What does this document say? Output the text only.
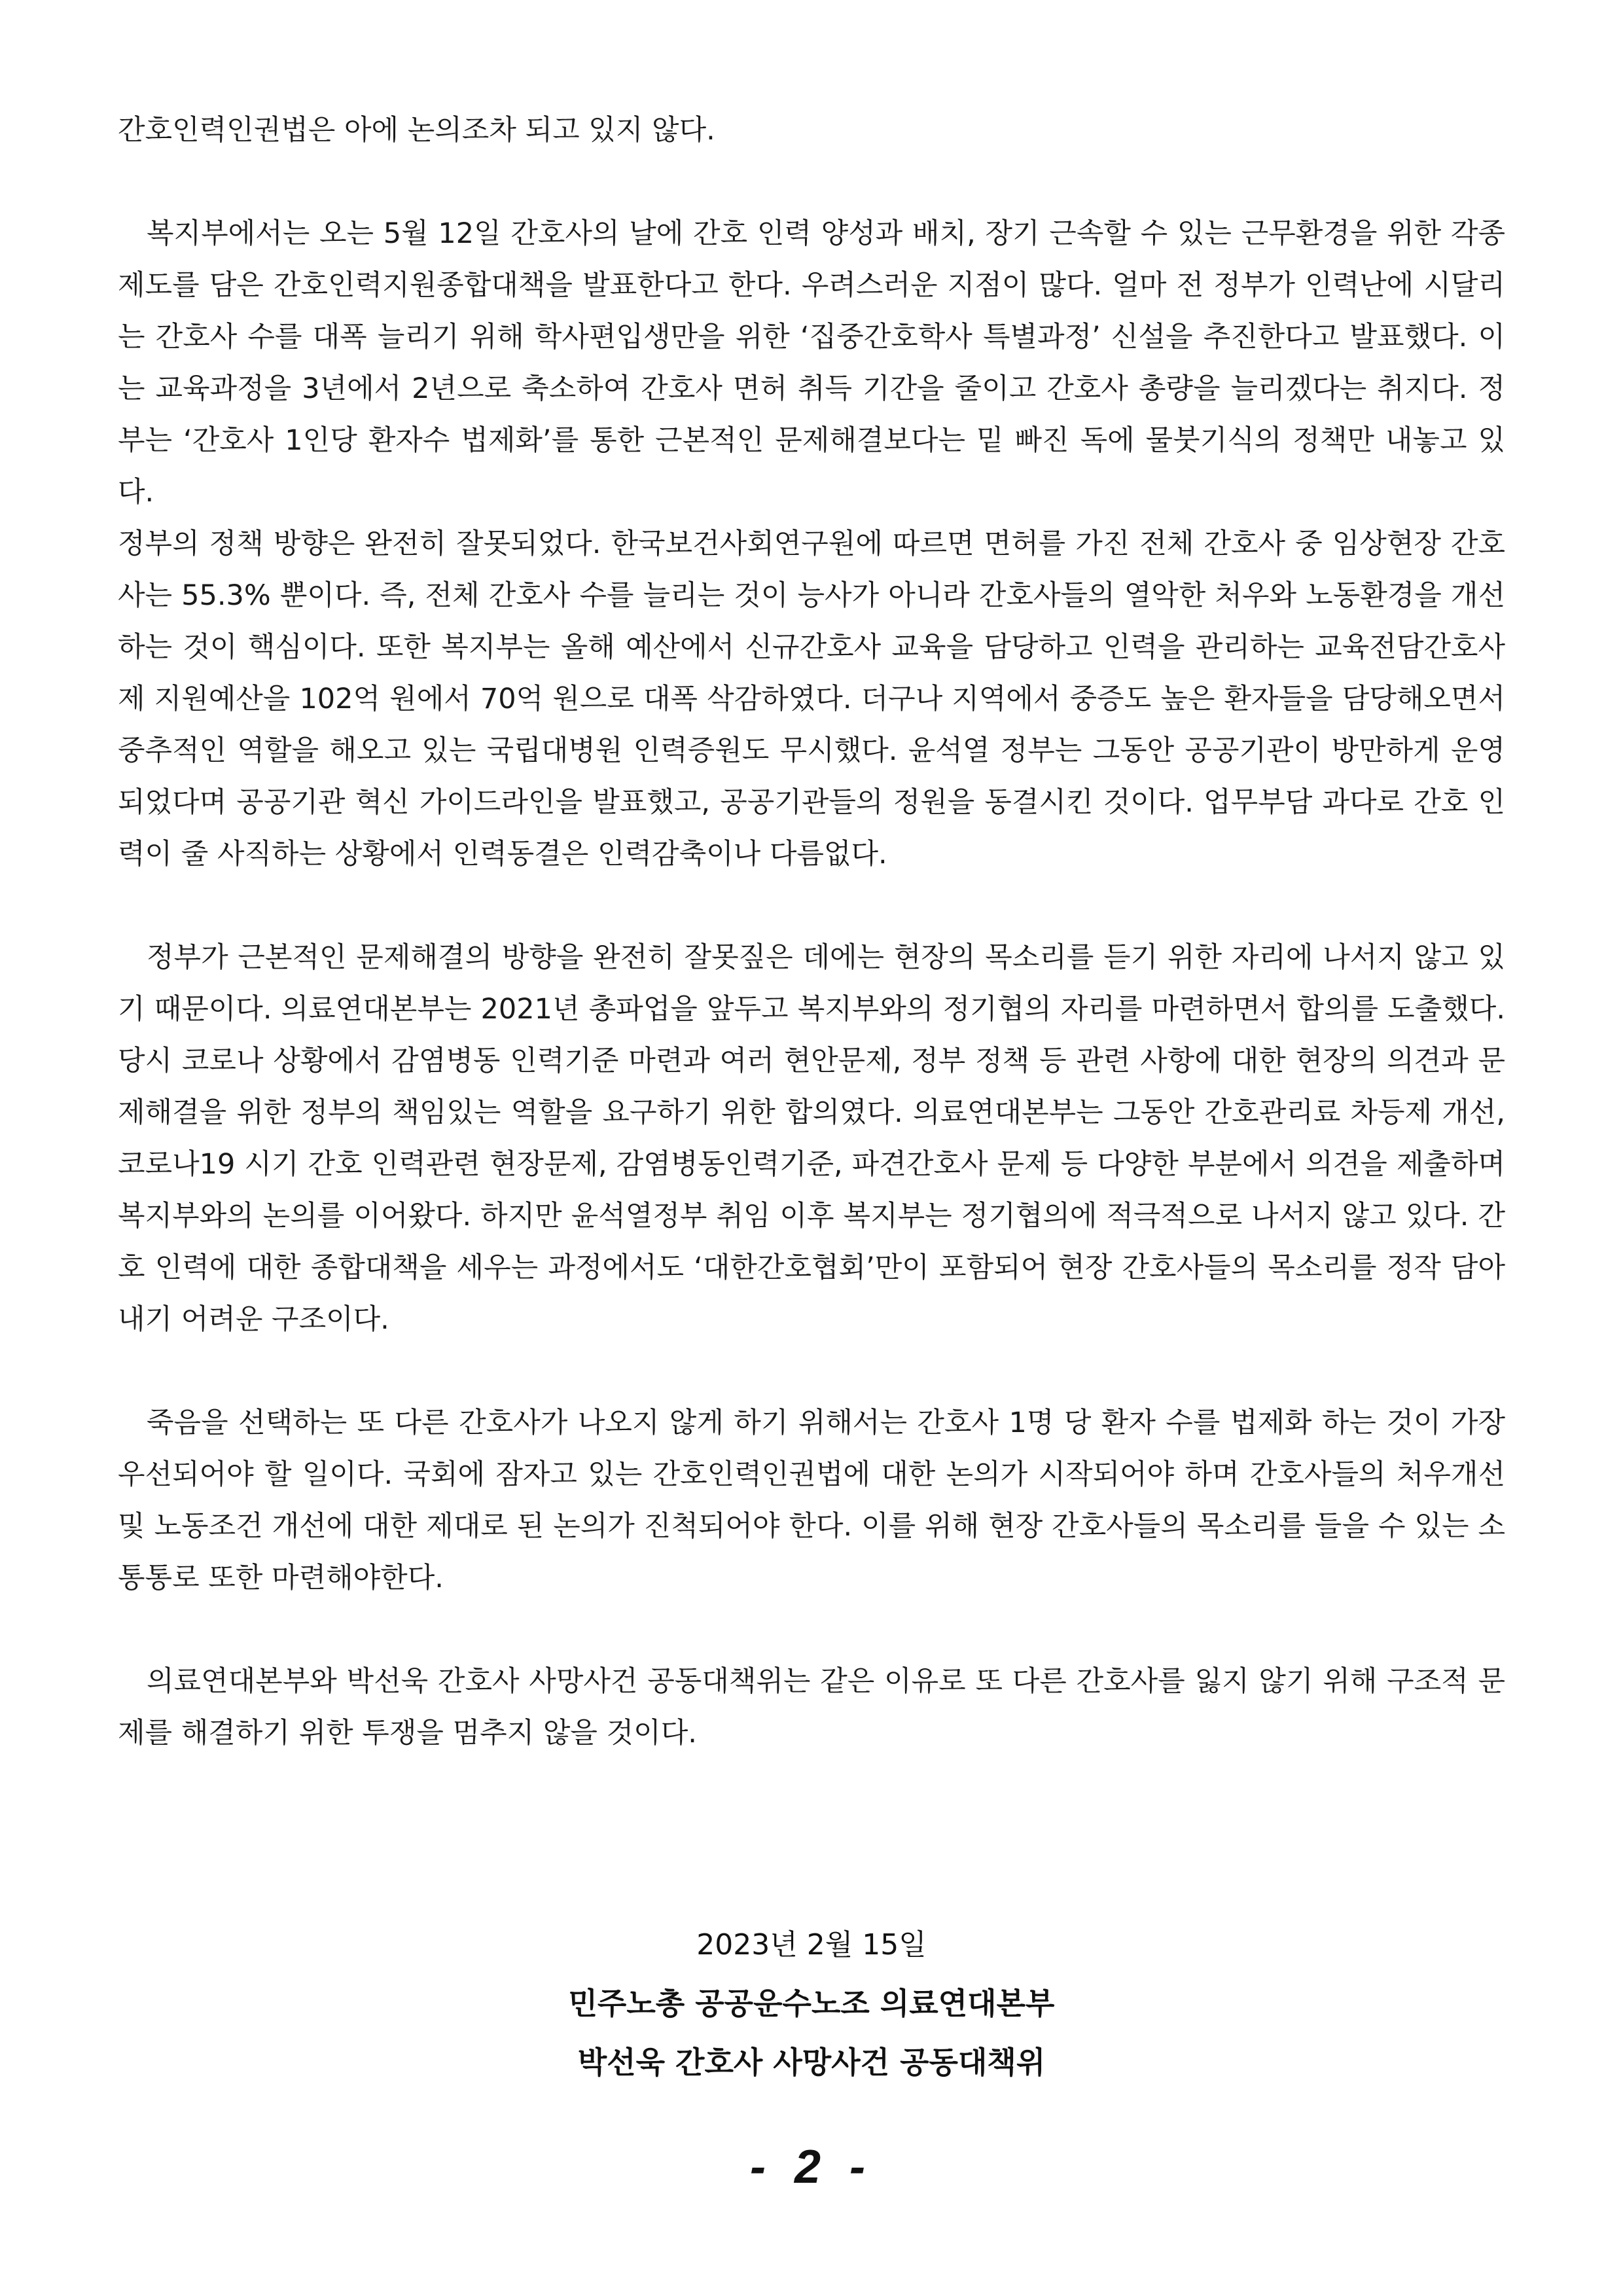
간호인력인권법은 아에 논의조차 되고 있지 않다.

복지부에서는 오는 5월 12일 간호사의 날에 간호 인력 양성과 배치, 장기 근속할 수 있는 근무환경을 위한 각종 제도를 담은 간호인력지원종합대책을 발표한다고 한다. 우려스러운 지점이 많다. 얼마 전 정부가 인력난에 시달리는 간호사 수를 대폭 늘리기 위해 학사편입생만을 위한 ‘집중간호학사 특별과정’ 신설을 추진한다고 발표했다. 이는 교육과정을 3년에서 2년으로 축소하여 간호사 면허 취득 기간을 줄이고 간호사 총량을 늘리겠다는 취지다. 정부는 ‘간호사 1인당 환자수 법제화’를 통한 근본적인 문제해결보다는 밑 빠진 독에 물붓기식의 정책만 내놓고 있다.

정부의 정책 방향은 완전히 잘못되었다. 한국보건사회연구원에 따르면 면허를 가진 전체 간호사 중 임상현장 간호사는 55.3% 뿐이다. 즉, 전체 간호사 수를 늘리는 것이 능사가 아니라 간호사들의 열악한 처우와 노동환경을 개선하는 것이 핵심이다. 또한 복지부는 올해 예산에서 신규간호사 교육을 담당하고 인력을 관리하는 교육전담간호사제 지원예산을 102억 원에서 70억 원으로 대폭 삭감하였다. 더구나 지역에서 중증도 높은 환자들을 담당해오면서 중추적인 역할을 해오고 있는 국립대병원 인력증원도 무시했다. 윤석열 정부는 그동안 공공기관이 방만하게 운영되었다며 공공기관 혁신 가이드라인을 발표했고, 공공기관들의 정원을 동결시킨 것이다. 업무부담 과다로 간호 인력이 줄 사직하는 상황에서 인력동결은 인력감축이나 다름없다.

정부가 근본적인 문제해결의 방향을 완전히 잘못짚은 데에는 현장의 목소리를 듣기 위한 자리에 나서지 않고 있기 때문이다. 의료연대본부는 2021년 총파업을 앞두고 복지부와의 정기협의 자리를 마련하면서 합의를 도출했다. 당시 코로나 상황에서 감염병동 인력기준 마련과 여러 현안문제, 정부 정책 등 관련 사항에 대한 현장의 의견과 문제해결을 위한 정부의 책임있는 역할을 요구하기 위한 합의였다. 의료연대본부는 그동안 간호관리료 차등제 개선, 코로나19 시기 간호 인력관련 현장문제, 감염병동인력기준, 파견간호사 문제 등 다양한 부분에서 의견을 제출하며 복지부와의 논의를 이어왔다. 하지만 윤석열정부 취임 이후 복지부는 정기협의에 적극적으로 나서지 않고 있다. 간호 인력에 대한 종합대책을 세우는 과정에서도 ‘대한간호협회’만이 포함되어 현장 간호사들의 목소리를 정작 담아내기 어려운 구조이다.

죽음을 선택하는 또 다른 간호사가 나오지 않게 하기 위해서는 간호사 1명 당 환자 수를 법제화 하는 것이 가장 우선되어야 할 일이다. 국회에 잠자고 있는 간호인력인권법에 대한 논의가 시작되어야 하며 간호사들의 처우개선 및 노동조건 개선에 대한 제대로 된 논의가 진척되어야 한다. 이를 위해 현장 간호사들의 목소리를 들을 수 있는 소통통로 또한 마련해야한다.

의료연대본부와 박선욱 간호사 사망사건 공동대책위는 같은 이유로 또 다른 간호사를 잃지 않기 위해 구조적 문제를 해결하기 위한 투쟁을 멈추지 않을 것이다.

2023년 2월 15일
민주노총 공공운수노조 의료연대본부
박선욱 간호사 사망사건 공동대책위
- 2 -
